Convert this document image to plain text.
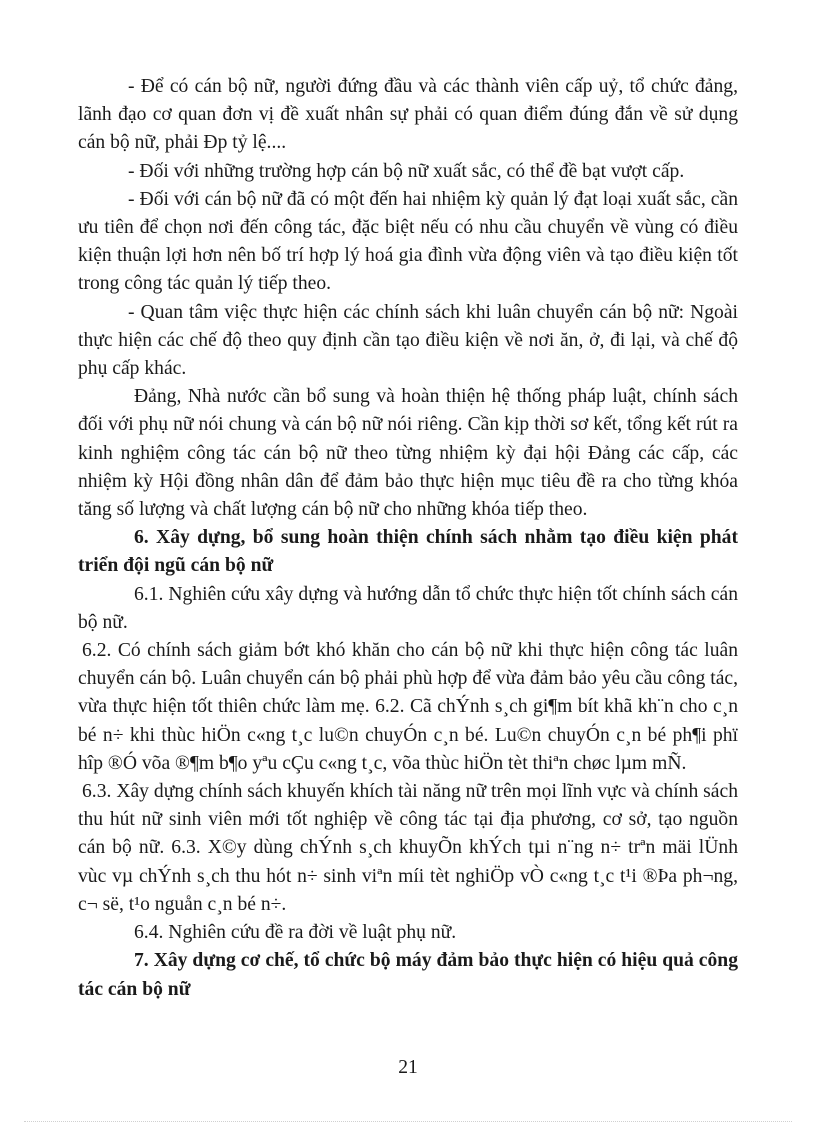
- Để có cán bộ nữ, người đứng đầu và các thành viên cấp uỷ, tổ chức đảng, lãnh đạo cơ quan đơn vị đề xuất nhân sự phải có quan điểm đúng đắn về sử dụng cán bộ nữ, phải Đp tỷ lệ....

- Đối với những trường hợp cán bộ nữ xuất sắc, có thể đề bạt vượt cấp.

- Đối với cán bộ nữ đã có một đến hai nhiệm kỳ quản lý đạt loại xuất sắc, cần ưu tiên để chọn nơi đến công tác, đặc biệt nếu có nhu cầu chuyển về vùng có điều kiện thuận lợi hơn nên bố trí hợp lý hoá gia đình vừa động viên và tạo điều kiện tốt trong công tác quản lý tiếp theo.

- Quan tâm việc thực hiện các chính sách khi luân chuyển cán bộ nữ: Ngoài thực hiện các chế độ theo quy định cần tạo điều kiện về nơi ăn, ở, đi lại, và chế độ phụ cấp khác.

Đảng, Nhà nước cần bổ sung và hoàn thiện hệ thống pháp luật, chính sách đối với phụ nữ nói chung và cán bộ nữ nói riêng. Cần kịp thời sơ kết, tổng kết rút ra kinh nghiệm công tác cán bộ nữ theo từng nhiệm kỳ đại hội Đảng các cấp, các nhiệm kỳ Hội đồng nhân dân để đảm bảo thực hiện mục tiêu đề ra cho từng khóa tăng số lượng và chất lượng cán bộ nữ cho những khóa tiếp theo.

6. Xây dựng, bổ sung hoàn thiện chính sách nhằm tạo điều kiện phát triển đội ngũ cán bộ nữ

6.1. Nghiên cứu xây dựng và hướng dẫn tổ chức thực hiện tốt chính sách cán bộ nữ.

6.2. Có chính sách giảm bớt khó khăn cho cán bộ nữ khi thực hiện công tác luân chuyển cán bộ. Luân chuyển cán bộ phải phù hợp để vừa đảm bảo yêu cầu công tác, vừa thực hiện tốt thiên chức làm mẹ. 6.2. Cã chÝnh s¸ch gi¶m bít khã kh¨n cho c¸n bé n÷ khi thùc hiÖn c«ng t¸c lu©n chuyÓn c¸n bé. Lu©n chuyÓn c¸n bé ph¶i phï hîp ®Ó võa ®¶m b¶o yªu cÇu c«ng t¸c, võa thùc hiÖn tèt thiªn chøc lµm mÑ.

6.3. Xây dựng chính sách khuyến khích tài năng nữ trên mọi lĩnh vực và chính sách thu hút nữ sinh viên mới tốt nghiệp về công tác tại địa phương, cơ sở, tạo nguồn cán bộ nữ. 6.3. X©y dùng chÝnh s¸ch khuyÕn khÝch tµi n¨ng n÷ trªn mäi lÜnh vùc vµ chÝnh s¸ch thu hót n÷ sinh viªn míi tèt nghiÖp vÒ c«ng t¸c t¹i ®Þa ph¬ng, c¬ së, t¹o nguån c¸n bé n÷.

6.4. Nghiên cứu đề ra đời về luật phụ nữ.

7. Xây dựng cơ chế, tổ chức bộ máy đảm bảo thực hiện có hiệu quả công tác cán bộ nữ

21
